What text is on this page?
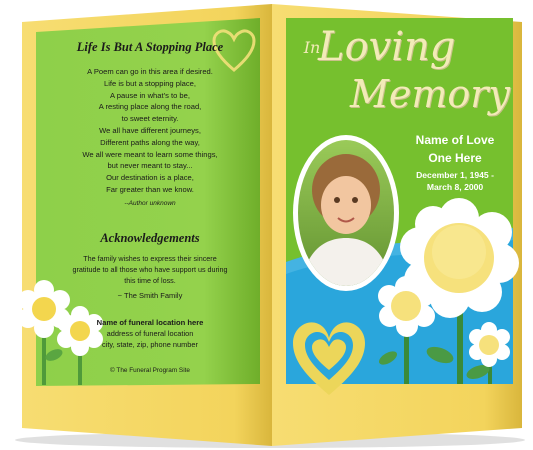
Life Is But A Stopping Place
A Poem can go in this area if desired.
Life is but a stopping place,
A pause in what's to be,
A resting place along the road,
to sweet eternity.
We all have different journeys,
Different paths along the way,
We all were meant to learn some things,
but never meant to stay...
Our destination is a place,
Far greater than we know.
--Author unknown
Acknowledgements
The family wishes to express their sincere
gratitude to all those who have support us during
this time of loss.
~ The Smith Family
Name of funeral location here
address of funeral location
city, state, zip, phone number
© The Funeral Program Site
In
Loving
Memory
Name of Love
One Here
December 1, 1945 -
March 8, 2000
